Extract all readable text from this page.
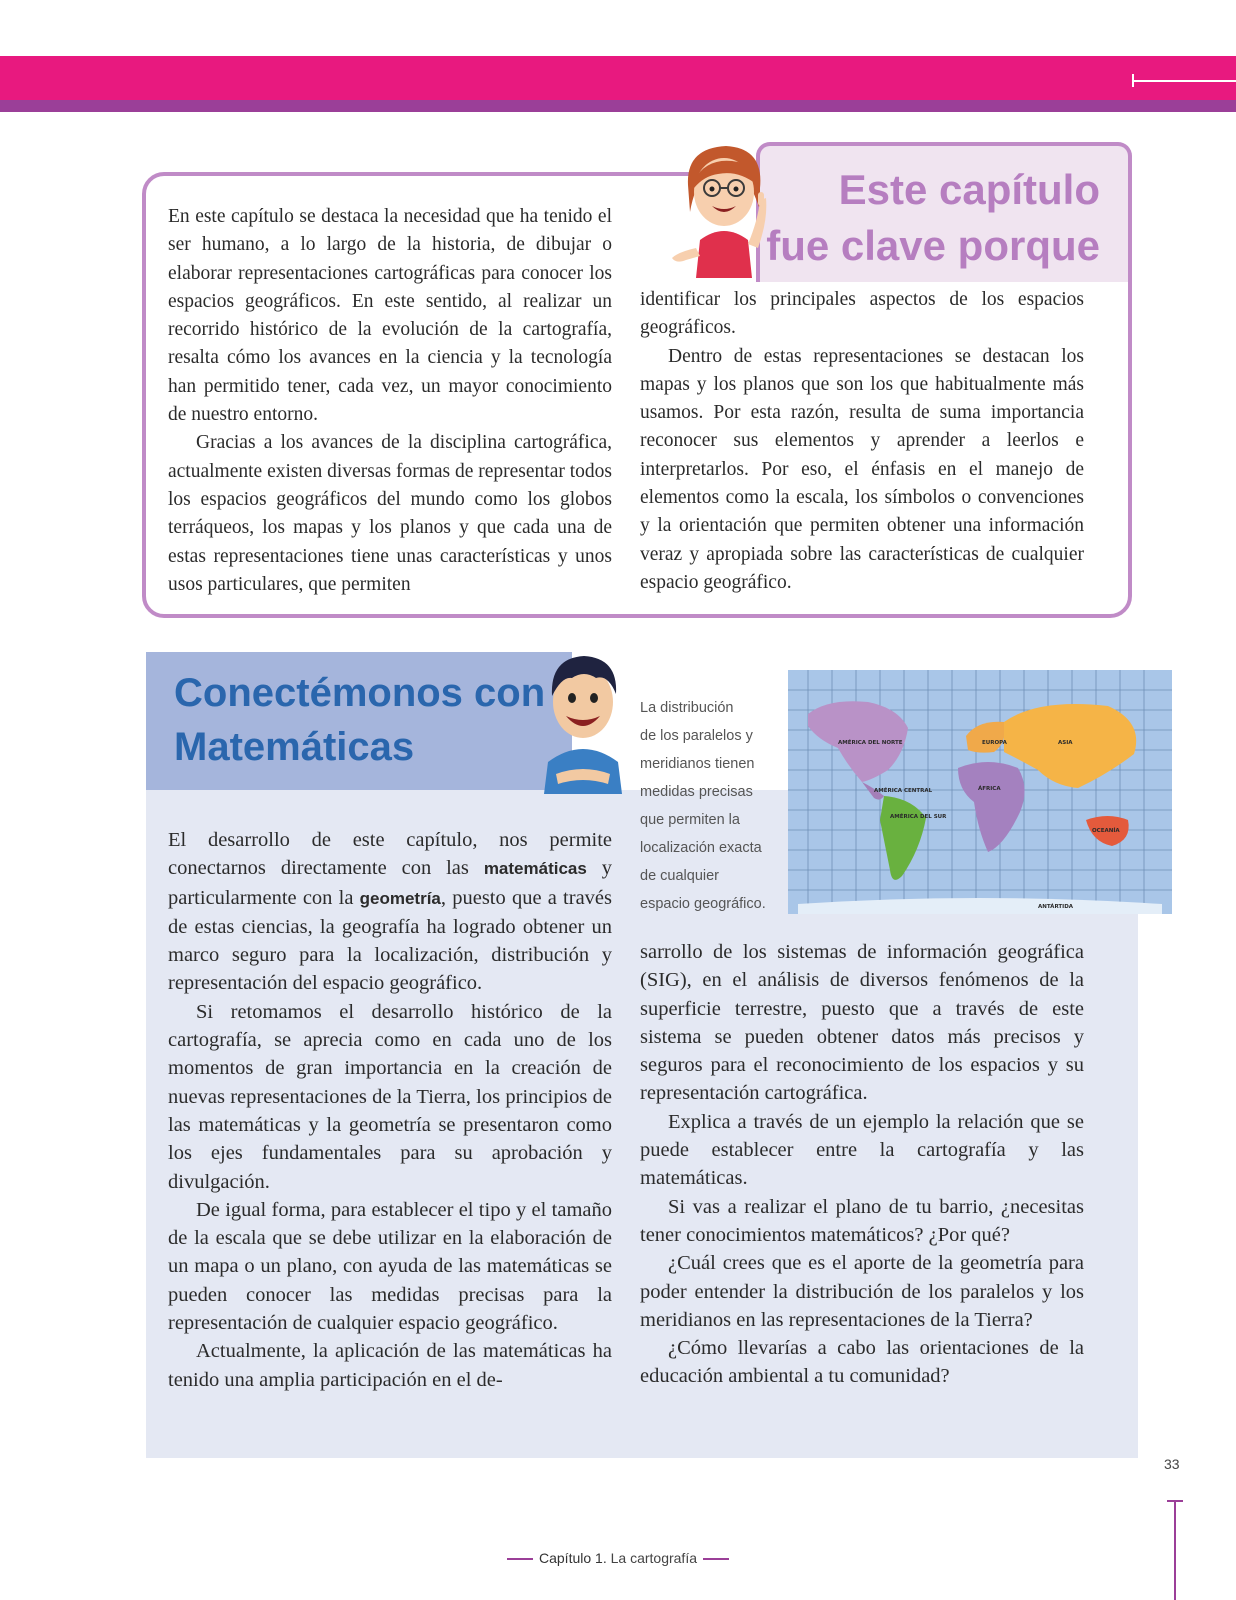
Este capítulo
fue clave porque

En este capítulo se destaca la necesidad que ha tenido el ser humano, a lo largo de la historia, de dibujar o elaborar representaciones cartográficas para conocer los espacios geográficos. En este sentido, al realizar un recorrido histórico de la evolución de la cartografía, resalta cómo los avances en la ciencia y la tecnología han permitido tener, cada vez, un mayor conocimiento de nuestro entorno.

Gracias a los avances de la disciplina cartográfica, actualmente existen diversas formas de representar todos los espacios geográficos del mundo como los globos terráqueos, los mapas y los planos y que cada una de estas representaciones tiene unas características y unos usos particulares, que permiten

identificar los principales aspectos de los espacios geográficos.

Dentro de estas representaciones se destacan los mapas y los planos que son los que habitualmente más usamos. Por esta razón, resulta de suma importancia reconocer sus elementos y aprender a leerlos e interpretarlos. Por eso, el énfasis en el manejo de elementos como la escala, los símbolos o convenciones y la orientación que permiten obtener una información veraz y apropiada sobre las características de cualquier espacio geográfico.

Conectémonos con
Matemáticas
La distribución
de los paralelos y
meridianos tienen
medidas precisas
que permiten la
localización exacta
de cualquier
espacio geográfico.
AMÉRICA DEL NORTE	EUROPA	ASIA
AMÉRICA CENTRAL	ÁFRICA
AMÉRICA DEL SUR
OCEANÍA
ANTÁRTIDA

El desarrollo de este capítulo, nos permite conectarnos directamente con las matemáticas y particularmente con la geometría, puesto que a través de estas ciencias, la geografía ha logrado obtener un marco seguro para la localización, distribución y representación del espacio geográfico.

Si retomamos el desarrollo histórico de la cartografía, se aprecia como en cada uno de los momentos de gran importancia en la creación de nuevas representaciones de la Tierra, los principios de las matemáticas y la geometría se presentaron como los ejes fundamentales para su aprobación y divulgación.

De igual forma, para establecer el tipo y el tamaño de la escala que se debe utilizar en la elaboración de un mapa o un plano, con ayuda de las matemáticas se pueden conocer las medidas precisas para la representación de cualquier espacio geográfico.

Actualmente, la aplicación de las matemáticas ha tenido una amplia participación en el de-

sarrollo de los sistemas de información geográfica (SIG), en el análisis de diversos fenómenos de la superficie terrestre, puesto que a través de este sistema se pueden obtener datos más precisos y seguros para el reconocimiento de los espacios y su representación cartográfica.

Explica a través de un ejemplo la relación que se puede establecer entre la cartografía y las matemáticas.

Si vas a realizar el plano de tu barrio, ¿necesitas tener conocimientos matemáticos? ¿Por qué?

¿Cuál crees que es el aporte de la geometría para poder entender la distribución de los paralelos y los meridianos en las representaciones de la Tierra?

¿Cómo llevarías a cabo las orientaciones de la educación ambiental a tu comunidad?

33
Capítulo 1. La cartografía
